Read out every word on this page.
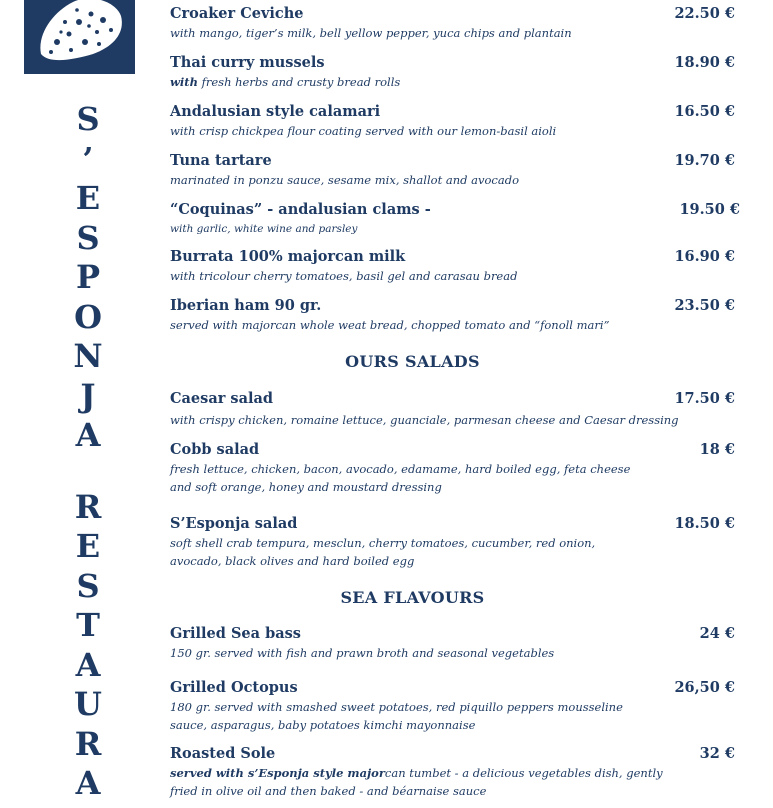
S
’
E
S
P
O
N
J
A
R
E
S
T
A
U
R
A
Croaker Ceviche
with mango, tiger’s milk, bell yellow pepper, yuca chips and plantain
22.50 €
Thai curry mussels
with fresh herbs and crusty bread rolls
18.90 €
Andalusian style calamari
with crisp chickpea flour coating served with our lemon-basil aioli
16.50 €
Tuna tartare
marinated in ponzu sauce, sesame mix, shallot and avocado
19.70 €
“Coquinas” - andalusian clams -
with garlic, white wine and parsley
19.50 €
Burrata 100% majorcan milk
with tricolour cherry tomatoes, basil gel and carasau bread
16.90 €
Iberian ham 90 gr.
served with majorcan whole weat bread, chopped tomato and “fonoll mari”
23.50 €
OURS SALADS
Caesar salad
with crispy chicken, romaine lettuce, guanciale, parmesan cheese and Caesar dressing
17.50 €
Cobb salad
fresh lettuce, chicken, bacon, avocado, edamame, hard boiled egg, feta cheese and soft orange, honey and moustard dressing
18 €
S’Esponja salad
soft shell crab tempura, mesclun, cherry tomatoes, cucumber, red onion, avocado, black olives and hard boiled egg
18.50 €
SEA FLAVOURS
Grilled Sea bass
150 gr. served with fish and prawn broth and seasonal vegetables
24 €
Grilled Octopus
180 gr. served with smashed sweet potatoes, red piquillo peppers mousseline sauce, asparagus, baby potatoes kimchi mayonnaise
26,50 €
Roasted Sole
served with s’Esponja style majorcan tumbet - a delicious vegetables dish, gently fried in olive oil and then baked - and béarnaise sauce
32 €
